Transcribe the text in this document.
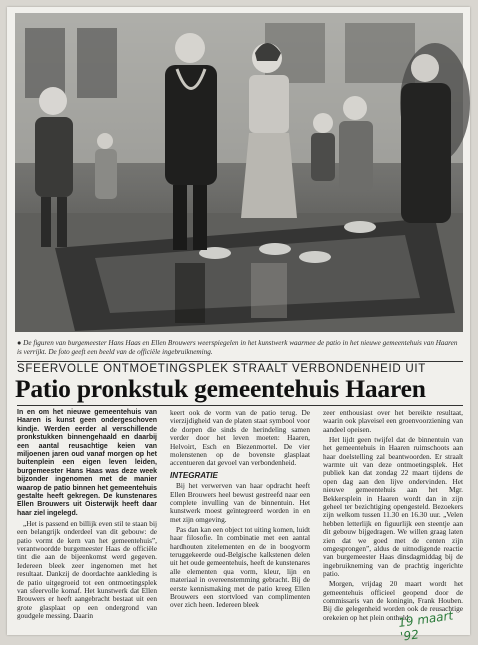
● De figuren van burgemeester Hans Haas en Ellen Brouwers weerspiegelen in het kunstwerk waarmee de patio in het nieuwe gemeentehuis van Haaren is verrijkt. De foto geeft een beeld van de officiële ingebruikneming.
SFEERVOLLE ONTMOETINGSPLEK STRAALT VERBONDENHEID UIT
Patio pronkstuk gemeentehuis Haaren

In en om het nieuwe gemeentehuis van Haaren is kunst geen ondergeschoven kindje. Werden eerder al verschillende pronkstukken binnengehaald en daarbij een aantal reusachtige keien van miljoenen jaren oud vanaf morgen op het buitenplein een eigen leven leiden, burgemeester Hans Haas was deze week bijzonder ingenomen met de manier waarop de patio binnen het gemeentehuis gestalte heeft gekregen. De kunstenares Ellen Brouwers uit Oisterwijk heeft daar haar ziel ingelegd.

„Het is passend en billijk even stil te staan bij een belangrijk onderdeel van dit gebouw: de patio vormt de kern van het gemeentehuis”, verantwoordde burgemeester Haas de officiële tint die aan de bijeenkomst werd gegeven. Iedereen bleek zeer ingenomen met het resultaat. Dankzij de doordachte aankleding is de patio uitgegroeid tot een ontmoetingsplek van sfeervolle komaf. Het kunstwerk dat Ellen Brouwers er heeft aangebracht bestaat uit een grote glasplaat op een ondergrond van goudgele messing. Daarin

keert ook de vorm van de patio terug. De vierzijdigheid van de platen staat symbool voor de dorpen die sinds de herindeling samen verder door het leven moeten: Haaren, Helvoirt, Esch en Biezenmortel. De vier molenstenen op de bovenste glasplaat accentueren dat gevoel van verbondenheid.

INTEGRATIE

Bij het verwerven van haar opdracht heeft Ellen Brouwers heel bewust gestreefd naar een complete invulling van de binnentuin. Het kunstwerk moest geïntegreerd worden in en met zijn omgeving.

Pas dan kan een object tot uiting komen, luidt haar filosofie. In combinatie met een aantal hardhouten zitelementen en de in boogvorm teruggekeerde oud-Belgische kalkstenen delen uit het oude gemeentehuis, heeft de kunstenares alle elementen qua vorm, kleur, lijn en materiaal in overeenstemming gebracht. Bij de eerste kennismaking met de patio kreeg Ellen Brouwers een stortvloed van complimenten over zich heen. Iedereen bleek

zeer enthousiast over het bereikte resultaat, waarin ook plaveisel een groenvoorziening van aandeel opeisen.

Het lijdt geen twijfel dat de binnentuin van het gemeentehuis in Haaren ruimschoots aan haar doelstelling zal beantwoorden. Er straalt warmte uit van deze ontmoetingsplek. Het publiek kan dat zondag 22 maart tijdens de open dag aan den lijve ondervinden. Het nieuwe gemeentehuis aan het Mgr. Bekkersplein in Haaren wordt dan in zijn geheel ter bezichtiging opengesteld. Bezoekers zijn welkom tussen 11.30 en 16.30 uur. „Velen hebben letterlijk en figuurlijk een steentje aan dit gebouw bijgedragen. We willen graag laten zien dat we goed met de centen zijn omgesprongen”, aldus de uitnodigende reactie van burgemeester Haas dinsdagmiddag bij de ingebruikneming van de prachtig ingerichte patio.

Morgen, vrijdag 20 maart wordt het gemeentehuis officieel geopend door de commissaris van de koningin, Frank Houben. Bij die gelegenheid worden ook de reusachtige orekeien op het plein onthuld.

19 maart '92
